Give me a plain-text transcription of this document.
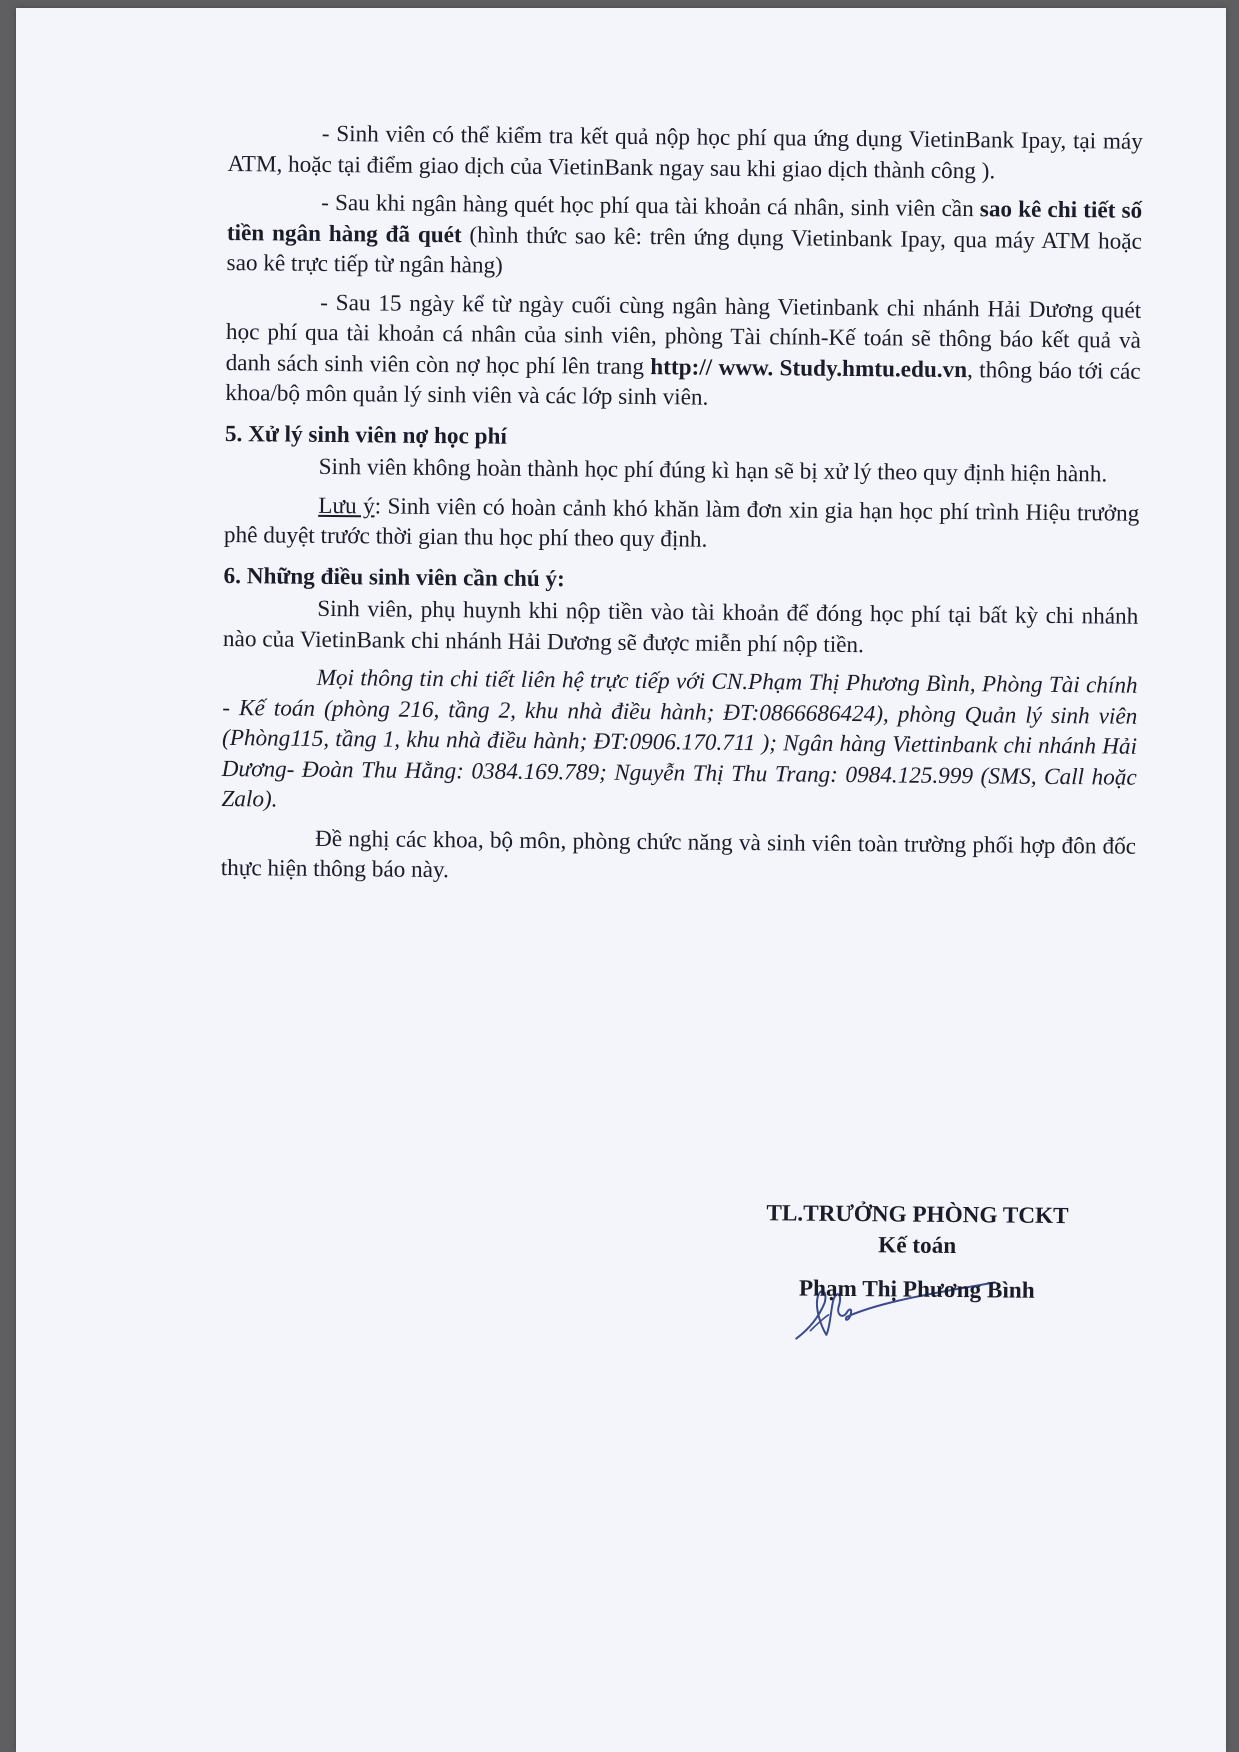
- Sinh viên có thể kiểm tra kết quả nộp học phí qua ứng dụng VietinBank Ipay, tại máy ATM, hoặc tại điểm giao dịch của VietinBank ngay sau khi giao dịch thành công ).

- Sau khi ngân hàng quét học phí qua tài khoản cá nhân, sinh viên cần sao kê chi tiết số tiền ngân hàng đã quét (hình thức sao kê: trên ứng dụng Vietinbank Ipay, qua máy ATM hoặc sao kê trực tiếp từ ngân hàng)

- Sau 15 ngày kể từ ngày cuối cùng ngân hàng Vietinbank chi nhánh Hải Dương quét học phí qua tài khoản cá nhân của sinh viên, phòng Tài chính-Kế toán sẽ thông báo kết quả và danh sách sinh viên còn nợ học phí lên trang http:// www. Study.hmtu.edu.vn, thông báo tới các khoa/bộ môn quản lý sinh viên và các lớp sinh viên.

5. Xử lý sinh viên nợ học phí

Sinh viên không hoàn thành học phí đúng kì hạn sẽ bị xử lý theo quy định hiện hành.

Lưu ý: Sinh viên có hoàn cảnh khó khăn làm đơn xin gia hạn học phí trình Hiệu trưởng phê duyệt trước thời gian thu học phí theo quy định.

6. Những điều sinh viên cần chú ý:

Sinh viên, phụ huynh khi nộp tiền vào tài khoản để đóng học phí tại bất kỳ chi nhánh nào của VietinBank chi nhánh Hải Dương sẽ được miễn phí nộp tiền.

Mọi thông tin chi tiết liên hệ trực tiếp với CN.Phạm Thị Phương Bình, Phòng Tài chính - Kế toán (phòng 216, tầng 2, khu nhà điều hành; ĐT:0866686424), phòng Quản lý sinh viên (Phòng115, tầng 1, khu nhà điều hành; ĐT:0906.170.711 ); Ngân hàng Viettinbank chi nhánh Hải Dương- Đoàn Thu Hằng: 0384.169.789; Nguyễn Thị Thu Trang: 0984.125.999 (SMS, Call hoặc Zalo).

Đề nghị các khoa, bộ môn, phòng chức năng và sinh viên toàn trường phối hợp đôn đốc thực hiện thông báo này.

TL.TRƯỞNG PHÒNG TCKT
Kế toán
Phạm Thị Phương Bình
